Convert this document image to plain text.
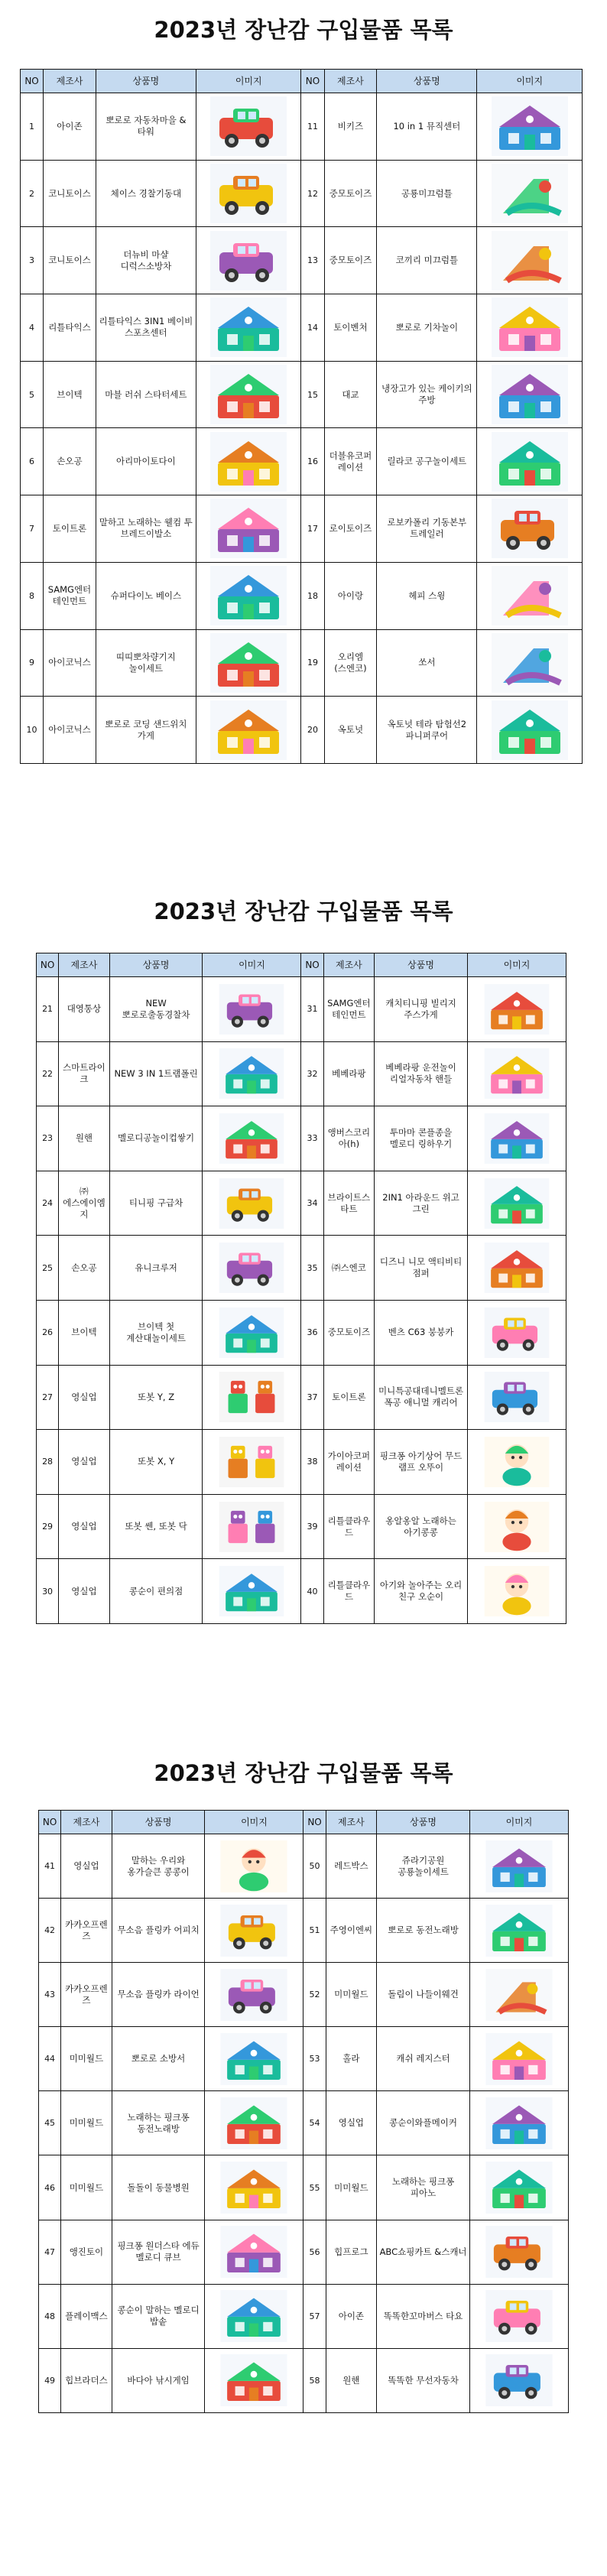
2023년 장난감 구입물품 목록
NO	제조사	상품명	이미지	NO	제조사	상품명	이미지
1	아이존	뽀로로 자동차마을 & 타워		11	비키즈	10 in 1 뮤직센터	

2	코니토이스	체이스 경찰기동대		12	중모토이즈	공룡미끄럼틀	

3	코니토이스	더뉴비 마샬 디럭스소방차		13	중모토이즈	코끼리 미끄럼틀	

4	리틀타익스	리틀타익스 3IN1 베이비 스포츠센터		14	토이벤처	뽀로로 기차놀이	

5	브이텍	마블 러쉬 스타터세트		15	대교	냉장고가 있는 케이키의 주방	

6	손오공	아리마이토다이		16	더블유코퍼레이션	릴라코 공구놀이세트	

7	토이트론	말하고 노래하는 웰컴 투 브레드이발소		17	로이토이즈	로보카폴리 기동본부 트레일러	

8	SAMG엔터테인먼트	슈퍼다이노 베이스		18	아이랑	헤피 스윙	

9	아이코닉스	띠띠뽀차량기지 놀이세트		19	오리엠(스엔코)	쏘서	

10	아이코닉스	뽀로로 코딩 샌드위치 가게		20	옥토넛	옥토넛 테라 탐험선2 파니퍼쿠어	
2023년 장난감 구입물품 목록
NO	제조사	상품명	이미지	NO	제조사	상품명	이미지
21	대영통상	NEW 뽀로로출동경찰차		31	SAMG엔터테인먼트	캐치티니핑 빌리지 주스가게	

22	스마트라이크	NEW 3 IN 1트램폴린		32	베베라팡	베베라팡 운전놀이 리얼자동차 핸들	

23	원핸	멜로디공놀이컵쌓기		33	앵버스코리아(h)	투마마 콘플종을 멜로디 링하우기	

24	㈜에스에이엠지	티니핑 구급차		34	브라이트스타트	2IN1 아라운드 위고 그린	

25	손오공	유니크루저		35	㈜스엔코	디즈니 니모 액티비티 점퍼	

26	브이텍	브이텍 첫 계산대놀이세트		36	중모토이즈	벤츠 C63 붕붕카	

27	영실업	또봇 Y, Z		37	토이트론	미니특공대데니멜트론 폭공 애니멀 캐리어	

28	영실업	또봇 X, Y		38	가이아코퍼레이션	핑크퐁 아기상어 무드 램프 오뚜이	

29	영실업	또봇 쎈, 또봇 닥		39	리틀클라우드	옹알옹알 노래하는 아기콩콩	

30	영실업	콩순이 편의점		40	리틀클라우드	아기와 놀아주는 오리 친구 오순이	
2023년 장난감 구입물품 목록
NO	제조사	상품명	이미지	NO	제조사	상품명	이미지
41	영실업	말하는 우리와 옹가슬큰 콩콩이		50	레드박스	쥬라기공원 공룡놀이세트	

42	카카오프렌즈	무소음 플링카 어피치		51	주영이엔씨	뽀로로 동전노래방	

43	카카오프렌즈	무소음 플링카 라이언		52	미미월드	돌림이 나들이웨건	

44	미미월드	뽀로로 소방서		53	홀라	캐쉬 레지스터	

45	미미월드	노래하는 핑크퐁 동전노래방		54	영실업	콩순이와플메이커	

46	미미월드	돌돌이 동물병원		55	미미월드	노래하는 핑크퐁 피아노	

47	앵진토이	핑크퐁 원더스타 에듀 멜로디 큐브		56	힙프로그	ABC쇼핑카트 &스캐너	

48	플레이맥스	콩순이 말하는 멜로디 밥솥		57	아이존	똑똑한꼬마버스 타요	

49	힙브라더스	바다아 낚시게임		58	원핸	똑똑한 무선자동차	
